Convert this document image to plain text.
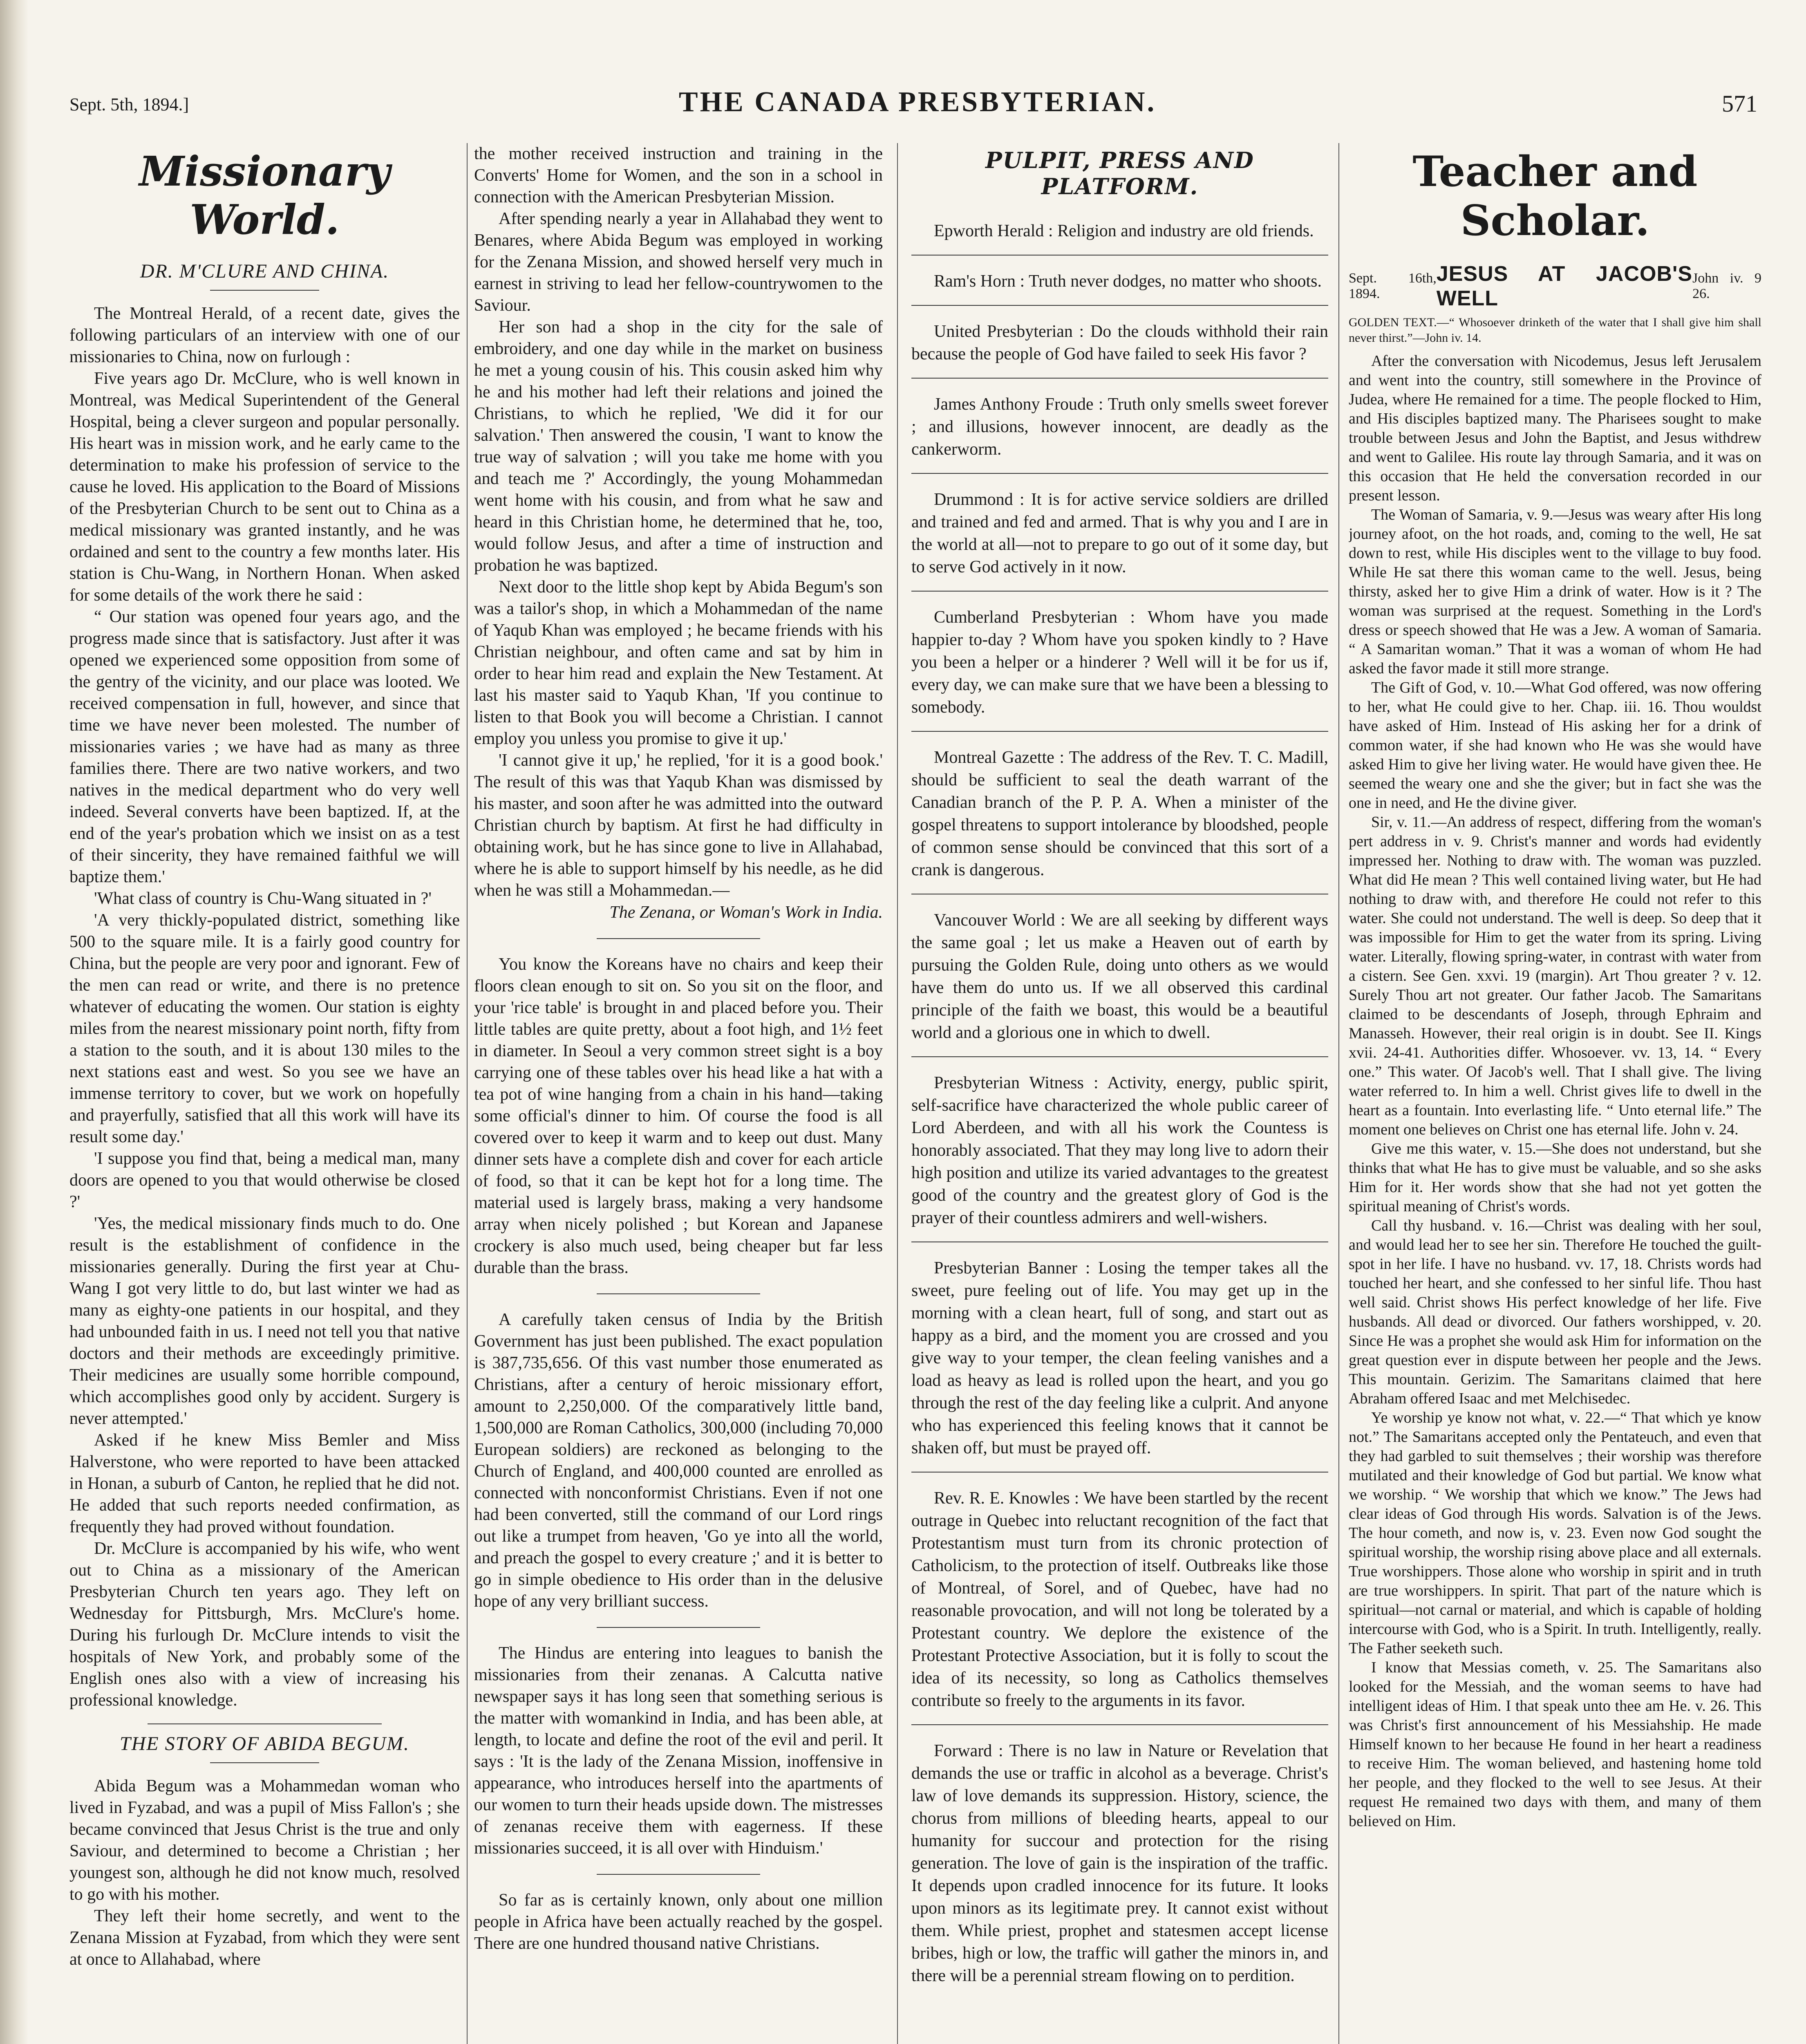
Sept. 5th, 1894.]	THE CANADA PRESBYTERIAN.	571
Missionary World.
DR. M'CLURE AND CHINA.

The Montreal Herald, of a recent date, gives the following particulars of an interview with one of our missionaries to China, now on furlough :

Five years ago Dr. McClure, who is well known in Montreal, was Medical Superintendent of the General Hospital, being a clever surgeon and popular personally. His heart was in mission work, and he early came to the determination to make his profession of service to the cause he loved. His application to the Board of Missions of the Presbyterian Church to be sent out to China as a medical missionary was granted instantly, and he was ordained and sent to the country a few months later. His station is Chu-Wang, in Northern Honan. When asked for some details of the work there he said :

“ Our station was opened four years ago, and the progress made since that is satisfactory. Just after it was opened we experienced some opposition from some of the gentry of the vicinity, and our place was looted. We received compensation in full, however, and since that time we have never been molested. The number of missionaries varies ; we have had as many as three families there. There are two native workers, and two natives in the medical department who do very well indeed. Several converts have been baptized. If, at the end of the year's probation which we insist on as a test of their sincerity, they have remained faithful we will baptize them.'

'What class of country is Chu-Wang situated in ?'

'A very thickly-populated district, something like 500 to the square mile. It is a fairly good country for China, but the people are very poor and ignorant. Few of the men can read or write, and there is no pretence whatever of educating the women. Our station is eighty miles from the nearest missionary point north, fifty from a station to the south, and it is about 130 miles to the next stations east and west. So you see we have an immense territory to cover, but we work on hopefully and prayerfully, satisfied that all this work will have its result some day.'

'I suppose you find that, being a medical man, many doors are opened to you that would otherwise be closed ?'

'Yes, the medical missionary finds much to do. One result is the establishment of confidence in the missionaries generally. During the first year at Chu-Wang I got very little to do, but last winter we had as many as eighty-one patients in our hospital, and they had unbounded faith in us. I need not tell you that native doctors and their methods are exceedingly primitive. Their medicines are usually some horrible compound, which accomplishes good only by accident. Surgery is never attempted.'

Asked if he knew Miss Bemler and Miss Halverstone, who were reported to have been attacked in Honan, a suburb of Canton, he replied that he did not. He added that such reports needed confirmation, as frequently they had proved without foundation.

Dr. McClure is accompanied by his wife, who went out to China as a missionary of the American Presbyterian Church ten years ago. They left on Wednesday for Pittsburgh, Mrs. McClure's home. During his furlough Dr. McClure intends to visit the hospitals of New York, and probably some of the English ones also with a view of increasing his professional knowledge.

THE STORY OF ABIDA BEGUM.

Abida Begum was a Mohammedan woman who lived in Fyzabad, and was a pupil of Miss Fallon's ; she became convinced that Jesus Christ is the true and only Saviour, and determined to become a Christian ; her youngest son, although he did not know much, resolved to go with his mother.

They left their home secretly, and went to the Zenana Mission at Fyzabad, from which they were sent at once to Allahabad, where

the mother received instruction and training in the Converts' Home for Women, and the son in a school in connection with the American Presbyterian Mission.

After spending nearly a year in Allahabad they went to Benares, where Abida Begum was employed in working for the Zenana Mission, and showed herself very much in earnest in striving to lead her fellow-countrywomen to the Saviour.

Her son had a shop in the city for the sale of embroidery, and one day while in the market on business he met a young cousin of his. This cousin asked him why he and his mother had left their relations and joined the Christians, to which he replied, 'We did it for our salvation.' Then answered the cousin, 'I want to know the true way of salvation ; will you take me home with you and teach me ?' Accordingly, the young Mohammedan went home with his cousin, and from what he saw and heard in this Christian home, he determined that he, too, would follow Jesus, and after a time of instruction and probation he was baptized.

Next door to the little shop kept by Abida Begum's son was a tailor's shop, in which a Mohammedan of the name of Yaqub Khan was employed ; he became friends with his Christian neighbour, and often came and sat by him in order to hear him read and explain the New Testament. At last his master said to Yaqub Khan, 'If you continue to listen to that Book you will become a Christian. I cannot employ you unless you promise to give it up.'

'I cannot give it up,' he replied, 'for it is a good book.' The result of this was that Yaqub Khan was dismissed by his master, and soon after he was admitted into the outward Christian church by baptism. At first he had difficulty in obtaining work, but he has since gone to live in Allahabad, where he is able to support himself by his needle, as he did when he was still a Mohammedan.—

The Zenana, or Woman's Work in India.

You know the Koreans have no chairs and keep their floors clean enough to sit on. So you sit on the floor, and your 'rice table' is brought in and placed before you. Their little tables are quite pretty, about a foot high, and 1½ feet in diameter. In Seoul a very common street sight is a boy carrying one of these tables over his head like a hat with a tea pot of wine hanging from a chain in his hand—taking some official's dinner to him. Of course the food is all covered over to keep it warm and to keep out dust. Many dinner sets have a complete dish and cover for each article of food, so that it can be kept hot for a long time. The material used is largely brass, making a very handsome array when nicely polished ; but Korean and Japanese crockery is also much used, being cheaper but far less durable than the brass.

A carefully taken census of India by the British Government has just been published. The exact population is 387,735,656. Of this vast number those enumerated as Christians, after a century of heroic missionary effort, amount to 2,250,000. Of the comparatively little band, 1,500,000 are Roman Catholics, 300,000 (including 70,000 European soldiers) are reckoned as belonging to the Church of England, and 400,000 counted are enrolled as connected with nonconformist Christians. Even if not one had been converted, still the command of our Lord rings out like a trumpet from heaven, 'Go ye into all the world, and preach the gospel to every creature ;' and it is better to go in simple obedience to His order than in the delusive hope of any very brilliant success.

The Hindus are entering into leagues to banish the missionaries from their zenanas. A Calcutta native newspaper says it has long seen that something serious is the matter with womankind in India, and has been able, at length, to locate and define the root of the evil and peril. It says : 'It is the lady of the Zenana Mission, inoffensive in appearance, who introduces herself into the apartments of our women to turn their heads upside down. The mistresses of zenanas receive them with eagerness. If these missionaries succeed, it is all over with Hinduism.'

So far as is certainly known, only about one million people in Africa have been actually reached by the gospel. There are one hundred thousand native Christians.

PULPIT, PRESS AND PLATFORM.

Epworth Herald : Religion and industry are old friends.

Ram's Horn : Truth never dodges, no matter who shoots.

United Presbyterian : Do the clouds withhold their rain because the people of God have failed to seek His favor ?

James Anthony Froude : Truth only smells sweet forever ; and illusions, however innocent, are deadly as the cankerworm.

Drummond : It is for active service soldiers are drilled and trained and fed and armed. That is why you and I are in the world at all—not to prepare to go out of it some day, but to serve God actively in it now.

Cumberland Presbyterian : Whom have you made happier to-day ? Whom have you spoken kindly to ? Have you been a helper or a hinderer ? Well will it be for us if, every day, we can make sure that we have been a blessing to somebody.

Montreal Gazette : The address of the Rev. T. C. Madill, should be sufficient to seal the death warrant of the Canadian branch of the P. P. A. When a minister of the gospel threatens to support intolerance by bloodshed, people of common sense should be convinced that this sort of a crank is dangerous.

Vancouver World : We are all seeking by different ways the same goal ; let us make a Heaven out of earth by pursuing the Golden Rule, doing unto others as we would have them do unto us. If we all observed this cardinal principle of the faith we boast, this would be a beautiful world and a glorious one in which to dwell.

Presbyterian Witness : Activity, energy, public spirit, self-sacrifice have characterized the whole public career of Lord Aberdeen, and with all his work the Countess is honorably associated. That they may long live to adorn their high position and utilize its varied advantages to the greatest good of the country and the greatest glory of God is the prayer of their countless admirers and well-wishers.

Presbyterian Banner : Losing the temper takes all the sweet, pure feeling out of life. You may get up in the morning with a clean heart, full of song, and start out as happy as a bird, and the moment you are crossed and you give way to your temper, the clean feeling vanishes and a load as heavy as lead is rolled upon the heart, and you go through the rest of the day feeling like a culprit. And anyone who has experienced this feeling knows that it cannot be shaken off, but must be prayed off.

Rev. R. E. Knowles : We have been startled by the recent outrage in Quebec into reluctant recognition of the fact that Protestantism must turn from its chronic protection of Catholicism, to the protection of itself. Outbreaks like those of Montreal, of Sorel, and of Quebec, have had no reasonable provocation, and will not long be tolerated by a Protestant country. We deplore the existence of the Protestant Protective Association, but it is folly to scout the idea of its necessity, so long as Catholics themselves contribute so freely to the arguments in its favor.

Forward : There is no law in Nature or Revelation that demands the use or traffic in alcohol as a beverage. Christ's law of love demands its suppression. History, science, the chorus from millions of bleeding hearts, appeal to our humanity for succour and protection for the rising generation. The love of gain is the inspiration of the traffic. It depends upon cradled innocence for its future. It looks upon minors as its legitimate prey. It cannot exist without them. While priest, prophet and statesmen accept license bribes, high or low, the traffic will gather the minors in, and there will be a perennial stream flowing on to perdition.

Teacher and Scholar.
Sept. 16th, 1894.
JESUS AT JACOB'S WELL
John iv. 9 26.
GOLDEN TEXT.—“ Whosoever drinketh of the water that I shall give him shall never thirst.”—John iv. 14.

After the conversation with Nicodemus, Jesus left Jerusalem and went into the country, still somewhere in the Province of Judea, where He remained for a time. The people flocked to Him, and His disciples baptized many. The Pharisees sought to make trouble between Jesus and John the Baptist, and Jesus withdrew and went to Galilee. His route lay through Samaria, and it was on this occasion that He held the conversation recorded in our present lesson.

The Woman of Samaria, v. 9.—Jesus was weary after His long journey afoot, on the hot roads, and, coming to the well, He sat down to rest, while His disciples went to the village to buy food. While He sat there this woman came to the well. Jesus, being thirsty, asked her to give Him a drink of water. How is it ? The woman was surprised at the request. Something in the Lord's dress or speech showed that He was a Jew. A woman of Samaria. “ A Samaritan woman.” That it was a woman of whom He had asked the favor made it still more strange.

The Gift of God, v. 10.—What God offered, was now offering to her, what He could give to her. Chap. iii. 16. Thou wouldst have asked of Him. Instead of His asking her for a drink of common water, if she had known who He was she would have asked Him to give her living water. He would have given thee. He seemed the weary one and she the giver; but in fact she was the one in need, and He the divine giver.

Sir, v. 11.—An address of respect, differing from the woman's pert address in v. 9. Christ's manner and words had evidently impressed her. Nothing to draw with. The woman was puzzled. What did He mean ? This well contained living water, but He had nothing to draw with, and therefore He could not refer to this water. She could not understand. The well is deep. So deep that it was impossible for Him to get the water from its spring. Living water. Literally, flowing spring-water, in contrast with water from a cistern. See Gen. xxvi. 19 (margin). Art Thou greater ? v. 12. Surely Thou art not greater. Our father Jacob. The Samaritans claimed to be descendants of Joseph, through Ephraim and Manasseh. However, their real origin is in doubt. See II. Kings xvii. 24-41. Authorities differ. Whosoever. vv. 13, 14. “ Every one.” This water. Of Jacob's well. That I shall give. The living water referred to. In him a well. Christ gives life to dwell in the heart as a fountain. Into everlasting life. “ Unto eternal life.” The moment one believes on Christ one has eternal life. John v. 24.

Give me this water, v. 15.—She does not understand, but she thinks that what He has to give must be valuable, and so she asks Him for it. Her words show that she had not yet gotten the spiritual meaning of Christ's words.

Call thy husband. v. 16.—Christ was dealing with her soul, and would lead her to see her sin. Therefore He touched the guilt-spot in her life. I have no husband. vv. 17, 18. Christs words had touched her heart, and she confessed to her sinful life. Thou hast well said. Christ shows His perfect knowledge of her life. Five husbands. All dead or divorced. Our fathers worshipped, v. 20. Since He was a prophet she would ask Him for information on the great question ever in dispute between her people and the Jews. This mountain. Gerizim. The Samaritans claimed that here Abraham offered Isaac and met Melchisedec.

Ye worship ye know not what, v. 22.—“ That which ye know not.” The Samaritans accepted only the Pentateuch, and even that they had garbled to suit themselves ; their worship was therefore mutilated and their knowledge of God but partial. We know what we worship. “ We worship that which we know.” The Jews had clear ideas of God through His words. Salvation is of the Jews. The hour cometh, and now is, v. 23. Even now God sought the spiritual worship, the worship rising above place and all externals. True worshippers. Those alone who worship in spirit and in truth are true worshippers. In spirit. That part of the nature which is spiritual—not carnal or material, and which is capable of holding intercourse with God, who is a Spirit. In truth. Intelligently, really. The Father seeketh such.

I know that Messias cometh, v. 25. The Samaritans also looked for the Messiah, and the woman seems to have had intelligent ideas of Him. I that speak unto thee am He. v. 26. This was Christ's first announcement of his Messiahship. He made Himself known to her because He found in her heart a readiness to receive Him. The woman believed, and hastening home told her people, and they flocked to the well to see Jesus. At their request He remained two days with them, and many of them believed on Him.
